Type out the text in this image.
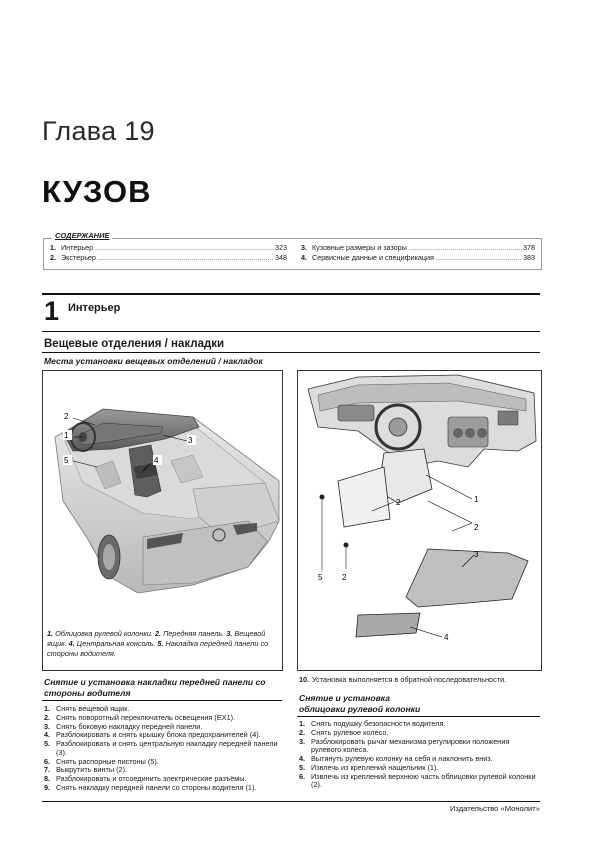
Глава 19
КУЗОВ
СОДЕРЖАНИЕ
1. Интерьер .....	323
2. Экстерьер .....	348
3. Кузовные размеры и зазоры .....	378
4. Сервисные данные и спецификация .....	383
1 Интерьер
Вещевые отделения / накладки
Места установки вещевых отделений / накладок
2
1
5
3
4
1. Облицовка рулевой колонки. 2. Передняя панель. 3. Вещевой ящик. 4. Центральная консоль. 5. Накладка передней панели со стороны водителя.
1
2
2
5 2
3
4
Снятие и установка накладки передней панели со стороны водителя
1. Снять вещевой ящик.
2. Снять поворотный переключатель освещения (EX1).
3. Снять боковую накладку передней панели.
4. Разблокировать и снять крышку блока предохранителей (4).
5. Разблокировать и снять центральную накладку передней панели (3).
6. Снять распорные пистоны (5).
7. Выкрутить винты (2).
8. Разблокировать и отсоединить электрические разъёмы.
9. Снять накладку передней панели со стороны водителя (1).
10. Установка выполняется в обратной последовательности.
Снятие и установка
облицовки рулевой колонки
1. Снять подушку безопасности водителя.
2. Снять рулевое колесо.
3. Разблокировать рычаг механизма регулировки положения рулевого колеса.
4. Вытянуть рулевую колонку на себя и наклонить вниз.
5. Извлечь из креплений нащельник (1).
6. Извлечь из креплений верхнюю часть облицовки рулевой колонки (2).
Издательство «Монолит»
